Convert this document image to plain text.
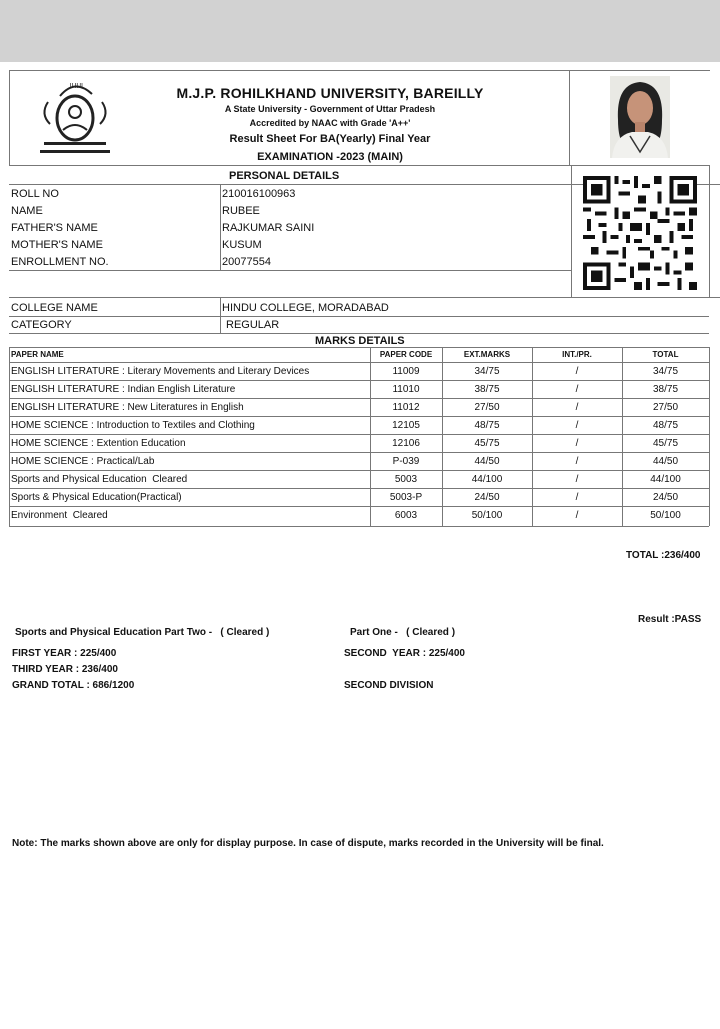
॥॥॥	M.J.P. ROHILKHAND UNIVERSITY, BAREILLY
A State University - Government of Uttar Pradesh
Accredited by NAAC with Grade 'A++'
Result Sheet For BA(Yearly) Final Year
EXAMINATION -2023 (MAIN)
PERSONAL DETAILS
ROLL NO	210016100963
NAME	RUBEE
FATHER'S NAME	RAJKUMAR SAINI
MOTHER'S NAME	KUSUM
ENROLLMENT NO.	20077554
COLLEGE NAME	HINDU COLLEGE, MORADABAD
CATEGORY	REGULAR
MARKS DETAILS
PAPER NAME	PAPER CODE	EXT.MARKS	INT./PR.	TOTAL
ENGLISH LITERATURE : Literary Movements and Literary Devices	11009	34/75	/	34/75
ENGLISH LITERATURE : Indian English Literature	11010	38/75	/	38/75
ENGLISH LITERATURE : New Literatures in English	11012	27/50	/	27/50
HOME SCIENCE : Introduction to Textiles and Clothing	12105	48/75	/	48/75
HOME SCIENCE : Extention Education	12106	45/75	/	45/75
HOME SCIENCE : Practical/Lab	P-039	44/50	/	44/50
Sports and Physical Education  Cleared	5003	44/100	/	44/100
Sports & Physical Education(Practical)	5003-P	24/50	/	24/50
Environment  Cleared	6003	50/100	/	50/100
TOTAL :236/400
Result :PASS
Sports and Physical Education Part Two -   ( Cleared )	Part One -   ( Cleared )
FIRST YEAR : 225/400	SECOND  YEAR : 225/400
THIRD YEAR : 236/400
GRAND TOTAL : 686/1200	SECOND DIVISION
Note: The marks shown above are only for display purpose. In case of dispute, marks recorded in the University will be final.
